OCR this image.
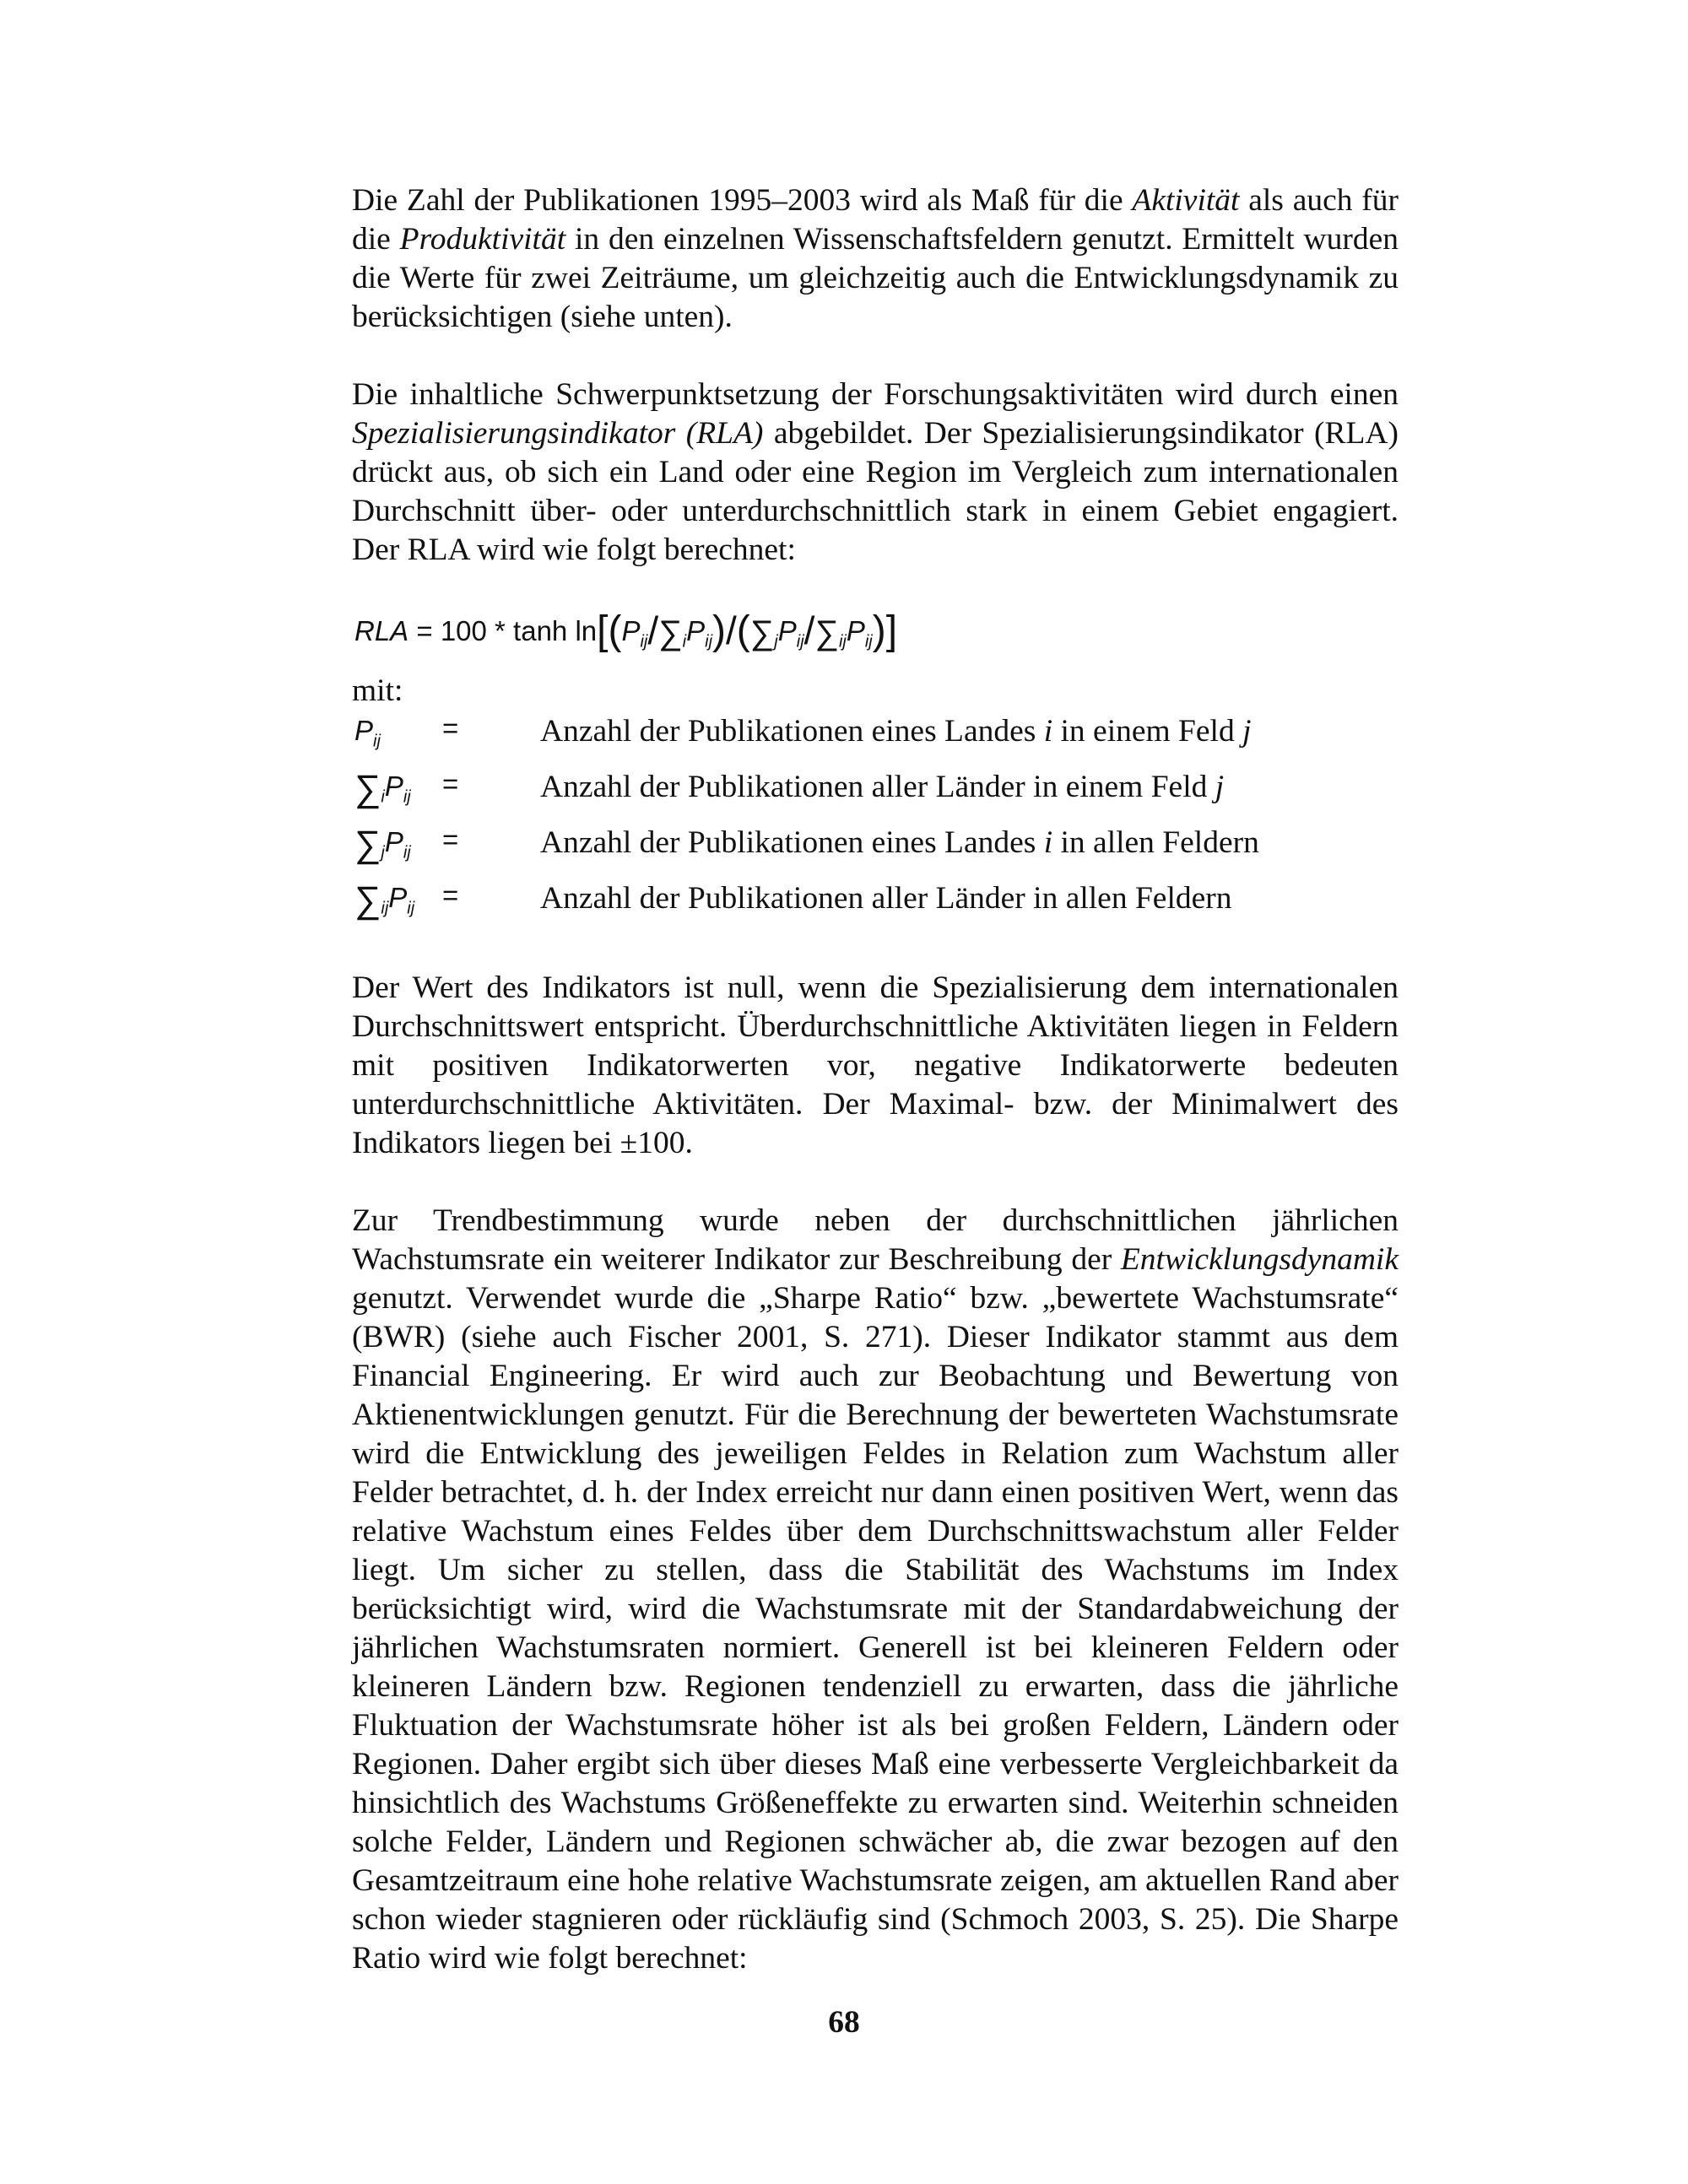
Die Zahl der Publikationen 1995–2003 wird als Maß für die Aktivität als auch für die Produktivität in den einzelnen Wissenschaftsfeldern genutzt. Ermittelt wurden die Werte für zwei Zeiträume, um gleichzeitig auch die Entwicklungsdynamik zu berücksichtigen (siehe unten).

Die inhaltliche Schwerpunktsetzung der Forschungsaktivitäten wird durch einen Spezialisierungsindikator (RLA) abgebildet. Der Spezialisierungsindikator (RLA) drückt aus, ob sich ein Land oder eine Region im Vergleich zum internationalen Durchschnitt über- oder unterdurchschnittlich stark in einem Gebiet engagiert. Der RLA wird wie folgt berechnet:

RLA = $100 * \tanh \ln[(P_{ij}/\sum_iP_{ij})/(\sum_jP_{ij}/\sum_{ij}P_{ij})]$
mit:
$P_{ij}$ =	Anzahl der Publikationen eines Landes i in einem Feld j
$\sum_iP_{ij}$ =	Anzahl der Publikationen aller Länder in einem Feld j
$\sum_jP_{ij}$ =	Anzahl der Publikationen eines Landes i in allen Feldern
$\sum_{ij}P_{ij}$ =	Anzahl der Publikationen aller Länder in allen Feldern

Der Wert des Indikators ist null, wenn die Spezialisierung dem internationalen Durchschnittswert entspricht. Überdurchschnittliche Aktivitäten liegen in Feldern mit positiven Indikatorwerten vor, negative Indikatorwerte bedeuten unterdurchschnittliche Aktivitäten. Der Maximal- bzw. der Minimalwert des Indikators liegen bei ±100.

Zur Trendbestimmung wurde neben der durchschnittlichen jährlichen Wachstumsrate ein weiterer Indikator zur Beschreibung der Entwicklungsdynamik genutzt. Verwendet wurde die „Sharpe Ratio“ bzw. „bewertete Wachstumsrate“ (BWR) (siehe auch Fischer 2001, S. 271). Dieser Indikator stammt aus dem Financial Engineering. Er wird auch zur Beobachtung und Bewertung von Aktienentwicklungen genutzt. Für die Berechnung der bewerteten Wachstumsrate wird die Entwicklung des jeweiligen Feldes in Relation zum Wachstum aller Felder betrachtet, d. h. der Index erreicht nur dann einen positiven Wert, wenn das relative Wachstum eines Feldes über dem Durchschnittswachstum aller Felder liegt. Um sicher zu stellen, dass die Stabilität des Wachstums im Index berücksichtigt wird, wird die Wachstumsrate mit der Standardabweichung der jährlichen Wachstumsraten normiert. Generell ist bei kleineren Feldern oder kleineren Ländern bzw. Regionen tendenziell zu erwarten, dass die jährliche Fluktuation der Wachstumsrate höher ist als bei großen Feldern, Ländern oder Regionen. Daher ergibt sich über dieses Maß eine verbesserte Vergleichbarkeit da hinsichtlich des Wachstums Größeneffekte zu erwarten sind. Weiterhin schneiden solche Felder, Ländern und Regionen schwächer ab, die zwar bezogen auf den Gesamtzeitraum eine hohe relative Wachstumsrate zeigen, am aktuellen Rand aber schon wieder stagnieren oder rückläufig sind (Schmoch 2003, S. 25). Die Sharpe Ratio wird wie folgt berechnet:

68
